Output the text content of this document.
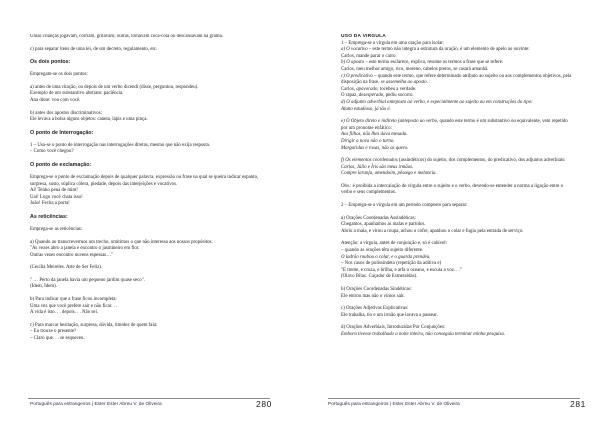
Umas crianças jogavam, corriam, gritavam; outras, tomavam coca-cola ou descansavam na grama.

c) para separar itens de uma lei, de um decreto, regulamento, etc.

Os dois pontos:

Empregam-se os dois pontos:

a) antes de uma citação, ou depois de um verbo dicendi (disse, perguntou, respondeu).

Exemplo de um substantivo abstrato: paciência.

Ana disse: vou com você.

b) antes dos apostos discriminativos:

Ele levava a bolsa alguns objetos: caneta, lápis e uma pinça.

O ponto de Interrogação:

1 – Usa-se o ponto de interrogação nas interrogações diretas, mesmo que não exija resposta.

– Como você chegou?

O ponto de exclamação:

Emprega-se o ponto de exclamação depois de qualquer palavra, expressão ou frase na qual se queira indicar espanto, surpresa, susto, súplica cólera, piedade, depois das interjeições e vocativos.

Ai! Tenho pena de mim!

Uai! Logo você chata isso!

João! Fecha a porta!

As reticências:

Emprega-se as reticências:

a) Quando ao transcrevermos um trecho, omitimos o que não interessa aos nossos propósitos.

"As vezes abro a janela e encontro o jasmineiro em flor.

Outras vezes encontro nuvens espessas…"

(Cecília Meireles. Arte de Ser Feliz).

" … Perto da janela havia um pequeno jardim quase seco".

(Idem, Idem).

b) Para indicar que a frase ficou incompleta:

Uma vez que você prefere sair e não ficar. . .

A vida é isto. . . depois. . . Não sei.

c) Para marcar hesitação, surpresa, dúvida, timidez de quem fala:

– Eu trouxe o presente?

– Claro que. . . se esqueceu.

Português para estrangeiros | Ester Ester Abreu V. de Oliveira	280

USO DA VÍRGULA

1 – Emprega-se a vírgula em uma oração para isolar:

a) O vocativo – este termo não integra a estrutura da oração, é um elemento de apelo ao ouvinte:

Carlos, mande parar o carro.

b) O aposto – este termo esclarece, explica, resume os termos a frase que se refere:

Carlos, meu melhor amigo, rico, moreno, cabelos pretos, se casará amanhã.

c) O predicativo – quando este termo, que refere determinado atributo ao sujeito ou aos complementos objetivos, pela disposição na frase, se assemelha ao aposto.

Carlos, apavorado, tocebeu a verdade.

O rapaz, desesperado, pediu socorro.

d) O adjunto adverbial anteposto ao verbo, e especialmente ao sujeito ou em construções do tipo:

Aluno estudioso, já tão é.

e) O Objeto direto e indireto (anteposto ao verbo, quando este termo é um substantivo ou equivalente, vem repetido por um pronome enfático:

Aos filhos, não lhes dava mesada.

Dirigir a nova não o turno.

Margaridas e rosas, não as quero.

f) Os elementos coordenados (assindéticos) do sujeito, dos complementos, do predicativo, dos adjuntos adverbiais:

Carlos, Júlio e Íris são meus irmãos.

Compre laranja, amendoim, pêssego e melancia.

Obs.: é proibida a intercalação de vírgula entre o sujeito e o verbo, devendo-se entender a norma a ligação entre o verbo e seus complementos.

2 – Emprega-se a vírgula em um período composto para separar:

a) Orações Coordenadas Assindéticas:

Chegamos, apanhamos as malas e partidos.

Abriu a mala, e virou a roupa, achou o cofre, apanhou o colar e fugiu pela entrada de serviço.

Atenção: a vírgula, antes de conjunção e, só é cabível:

– quando as orações têm sujeito diferente.

O ladrão roubou o colar, e o guarda prendeu.

– Nos casos de polissíndeto (repetição da aditiva e)

"E treme, e cruza, e brilha, e arfa o oceano, e escuta a voz. . ."

(Olavo Bilac. Caçador de Esmeraldas).

b) Orações Coordenadas Sindéticas:

Ele entrou mas não o vimos sair.

c) Orações Adjetivas Explicativas:

Ele trabalha, tio e um irmão que lavava a passear.

d) Orações Adverbiais, Introduzidas Por Conjunções:

Embora tivesse trabalhado a noite inteira, não conseguia terminar minha pesquisa.

Português para estrangeiros | Ester Ester Abreu V. de Oliveira	281
